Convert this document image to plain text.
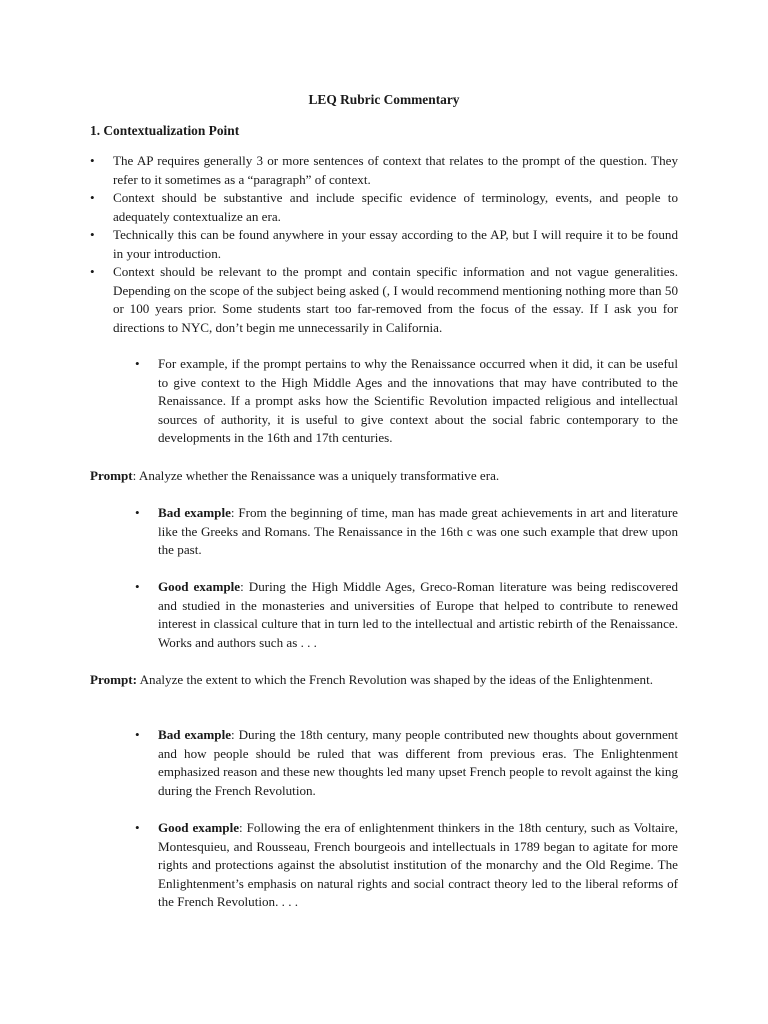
LEQ Rubric Commentary
1. Contextualization Point
• The AP requires generally 3 or more sentences of context that relates to the prompt of the question. They refer to it sometimes as a “paragraph” of context.
• Context should be substantive and include specific evidence of terminology, events, and people to adequately contextualize an era.
• Technically this can be found anywhere in your essay according to the AP, but I will require it to be found in your introduction.
• Context should be relevant to the prompt and contain specific information and not vague generalities. Depending on the scope of the subject being asked (, I would recommend mentioning nothing more than 50 or 100 years prior. Some students start too far-removed from the focus of the essay. If I ask you for directions to NYC, don’t begin me unnecessarily in California.
• For example, if the prompt pertains to why the Renaissance occurred when it did, it can be useful to give context to the High Middle Ages and the innovations that may have contributed to the Renaissance. If a prompt asks how the Scientific Revolution impacted religious and intellectual sources of authority, it is useful to give context about the social fabric contemporary to the developments in the 16th and 17th centuries.
Prompt: Analyze whether the Renaissance was a uniquely transformative era.
• Bad example: From the beginning of time, man has made great achievements in art and literature like the Greeks and Romans. The Renaissance in the 16th c was one such example that drew upon the past.
• Good example: During the High Middle Ages, Greco-Roman literature was being rediscovered and studied in the monasteries and universities of Europe that helped to contribute to renewed interest in classical culture that in turn led to the intellectual and artistic rebirth of the Renaissance. Works and authors such as . . .
Prompt: Analyze the extent to which the French Revolution was shaped by the ideas of the Enlightenment.
• Bad example: During the 18th century, many people contributed new thoughts about government and how people should be ruled that was different from previous eras. The Enlightenment emphasized reason and these new thoughts led many upset French people to revolt against the king during the French Revolution.
• Good example: Following the era of enlightenment thinkers in the 18th century, such as Voltaire, Montesquieu, and Rousseau, French bourgeois and intellectuals in 1789 began to agitate for more rights and protections against the absolutist institution of the monarchy and the Old Regime. The Enlightenment’s emphasis on natural rights and social contract theory led to the liberal reforms of the French Revolution. . . .
